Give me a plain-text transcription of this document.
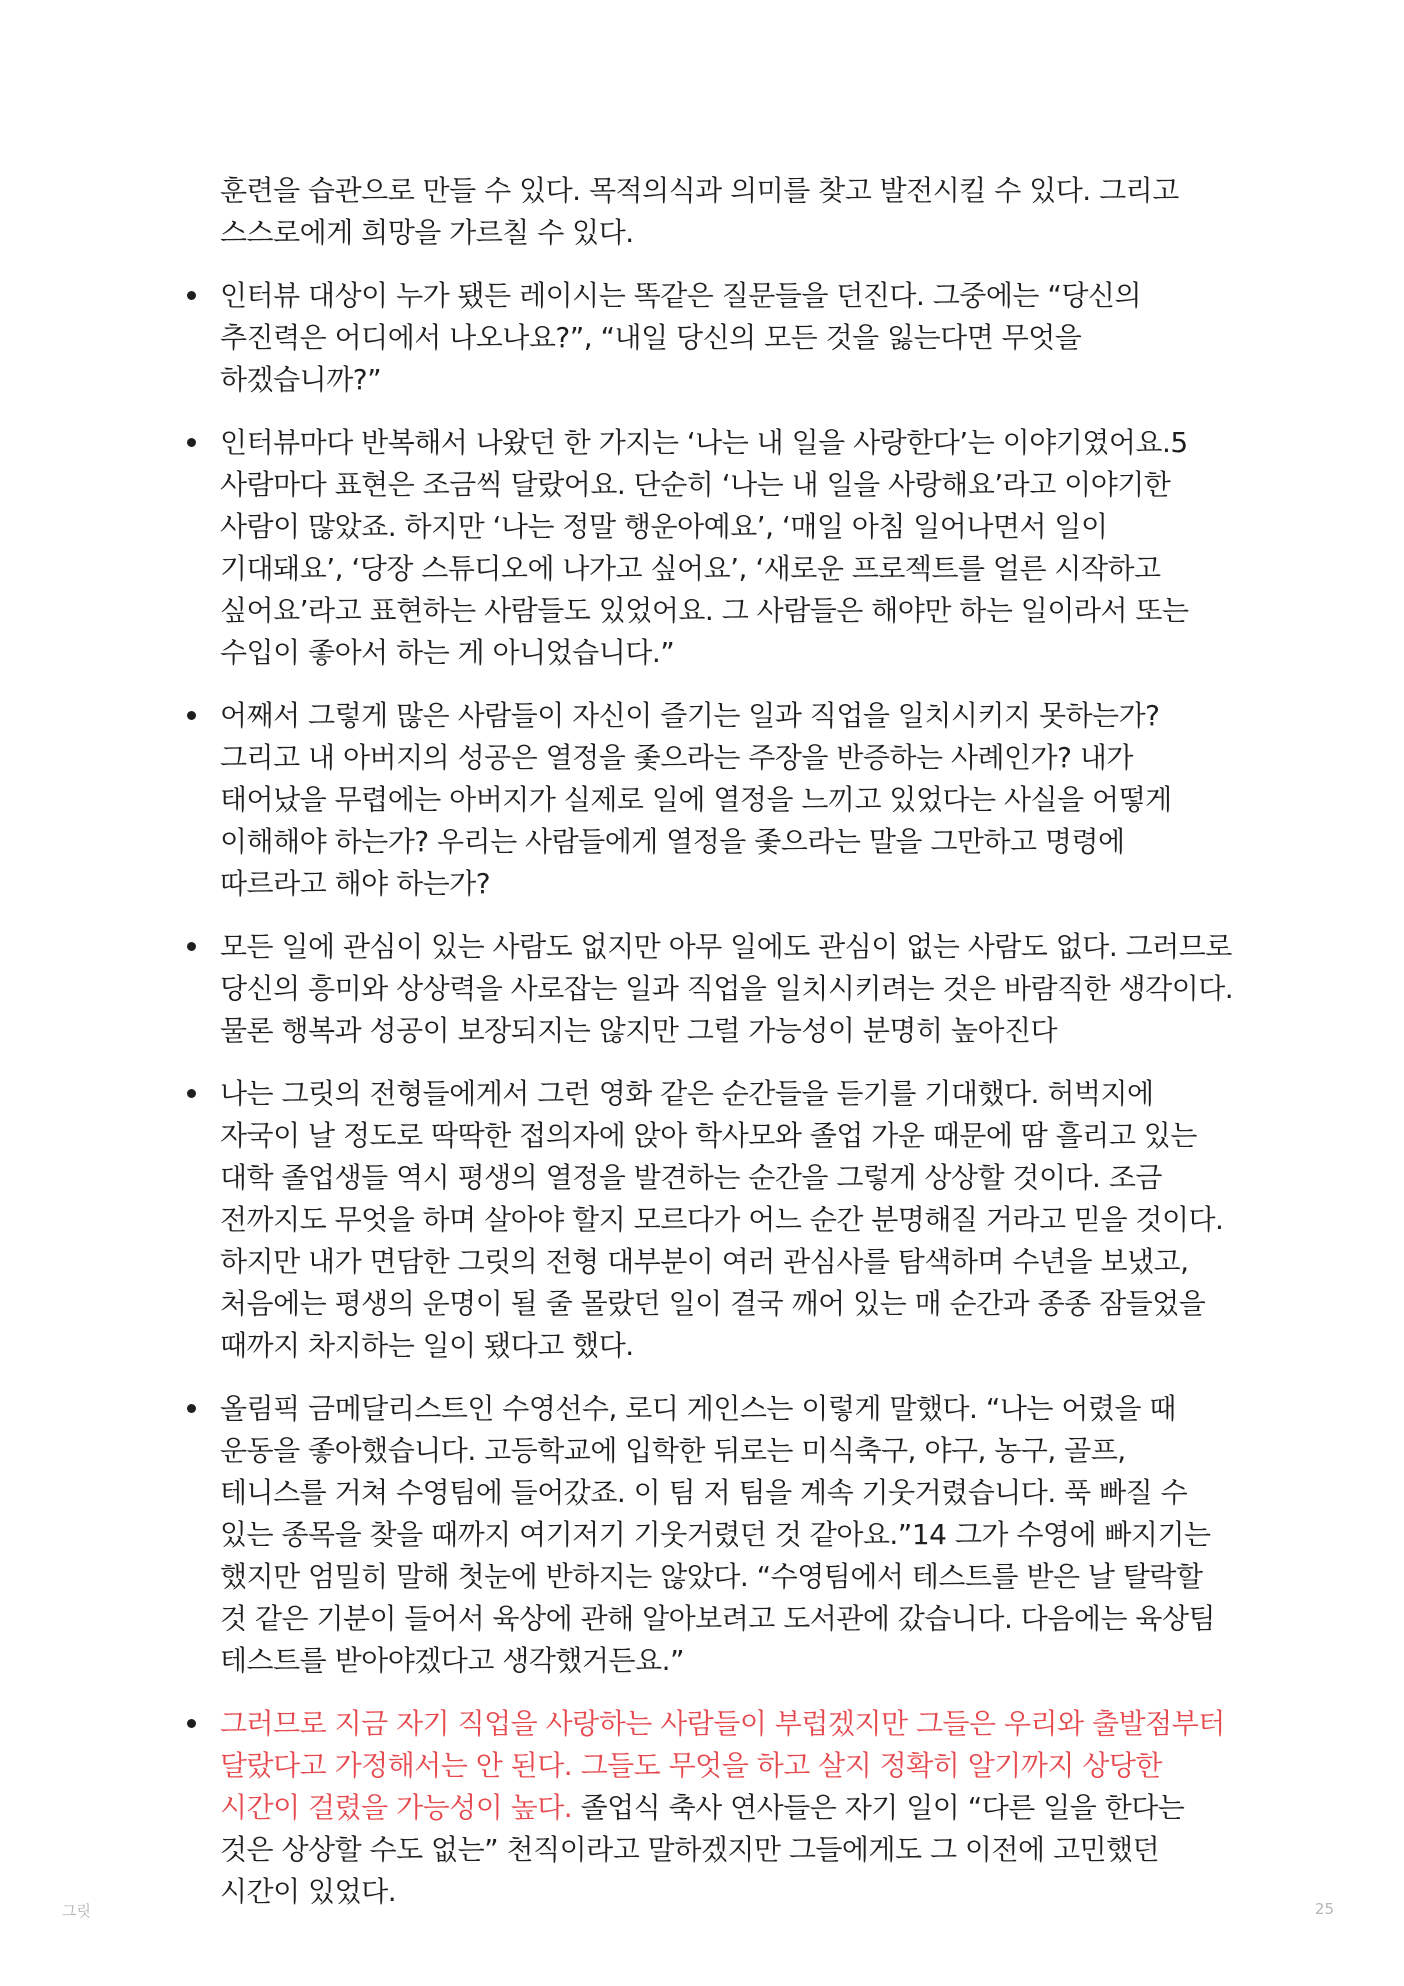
훈련을 습관으로 만들 수 있다. 목적의식과 의미를 찾고 발전시킬 수 있다. 그리고 스스로에게 희망을 가르칠 수 있다.

인터뷰 대상이 누가 됐든 레이시는 똑같은 질문들을 던진다. 그중에는 “당신의 추진력은 어디에서 나오나요?”, “내일 당신의 모든 것을 잃는다면 무엇을 하겠습니까?”
인터뷰마다 반복해서 나왔던 한 가지는 ‘나는 내 일을 사랑한다’는 이야기였어요.5 사람마다 표현은 조금씩 달랐어요. 단순히 ‘나는 내 일을 사랑해요’라고 이야기한 사람이 많았죠. 하지만 ‘나는 정말 행운아예요’, ‘매일 아침 일어나면서 일이 기대돼요’, ‘당장 스튜디오에 나가고 싶어요’, ‘새로운 프로젝트를 얼른 시작하고 싶어요’라고 표현하는 사람들도 있었어요. 그 사람들은 해야만 하는 일이라서 또는 수입이 좋아서 하는 게 아니었습니다.”
어째서 그렇게 많은 사람들이 자신이 즐기는 일과 직업을 일치시키지 못하는가? 그리고 내 아버지의 성공은 열정을 좇으라는 주장을 반증하는 사례인가? 내가 태어났을 무렵에는 아버지가 실제로 일에 열정을 느끼고 있었다는 사실을 어떻게 이해해야 하는가? 우리는 사람들에게 열정을 좇으라는 말을 그만하고 명령에 따르라고 해야 하는가?
모든 일에 관심이 있는 사람도 없지만 아무 일에도 관심이 없는 사람도 없다. 그러므로 당신의 흥미와 상상력을 사로잡는 일과 직업을 일치시키려는 것은 바람직한 생각이다. 물론 행복과 성공이 보장되지는 않지만 그럴 가능성이 분명히 높아진다
나는 그릿의 전형들에게서 그런 영화 같은 순간들을 듣기를 기대했다. 허벅지에 자국이 날 정도로 딱딱한 접의자에 앉아 학사모와 졸업 가운 때문에 땀 흘리고 있는 대학 졸업생들 역시 평생의 열정을 발견하는 순간을 그렇게 상상할 것이다. 조금 전까지도 무엇을 하며 살아야 할지 모르다가 어느 순간 분명해질 거라고 믿을 것이다. 하지만 내가 면담한 그릿의 전형 대부분이 여러 관심사를 탐색하며 수년을 보냈고, 처음에는 평생의 운명이 될 줄 몰랐던 일이 결국 깨어 있는 매 순간과 종종 잠들었을 때까지 차지하는 일이 됐다고 했다.
올림픽 금메달리스트인 수영선수, 로디 게인스는 이렇게 말했다. “나는 어렸을 때 운동을 좋아했습니다. 고등학교에 입학한 뒤로는 미식축구, 야구, 농구, 골프, 테니스를 거쳐 수영팀에 들어갔죠. 이 팀 저 팀을 계속 기웃거렸습니다. 푹 빠질 수 있는 종목을 찾을 때까지 여기저기 기웃거렸던 것 같아요.”14 그가 수영에 빠지기는 했지만 엄밀히 말해 첫눈에 반하지는 않았다. “수영팀에서 테스트를 받은 날 탈락할 것 같은 기분이 들어서 육상에 관해 알아보려고 도서관에 갔습니다. 다음에는 육상팀 테스트를 받아야겠다고 생각했거든요.”
그러므로 지금 자기 직업을 사랑하는 사람들이 부럽겠지만 그들은 우리와 출발점부터 달랐다고 가정해서는 안 된다. 그들도 무엇을 하고 살지 정확히 알기까지 상당한 시간이 걸렸을 가능성이 높다. 졸업식 축사 연사들은 자기 일이 “다른 일을 한다는 것은 상상할 수도 없는” 천직이라고 말하겠지만 그들에게도 그 이전에 고민했던 시간이 있었다.
그릿	25
